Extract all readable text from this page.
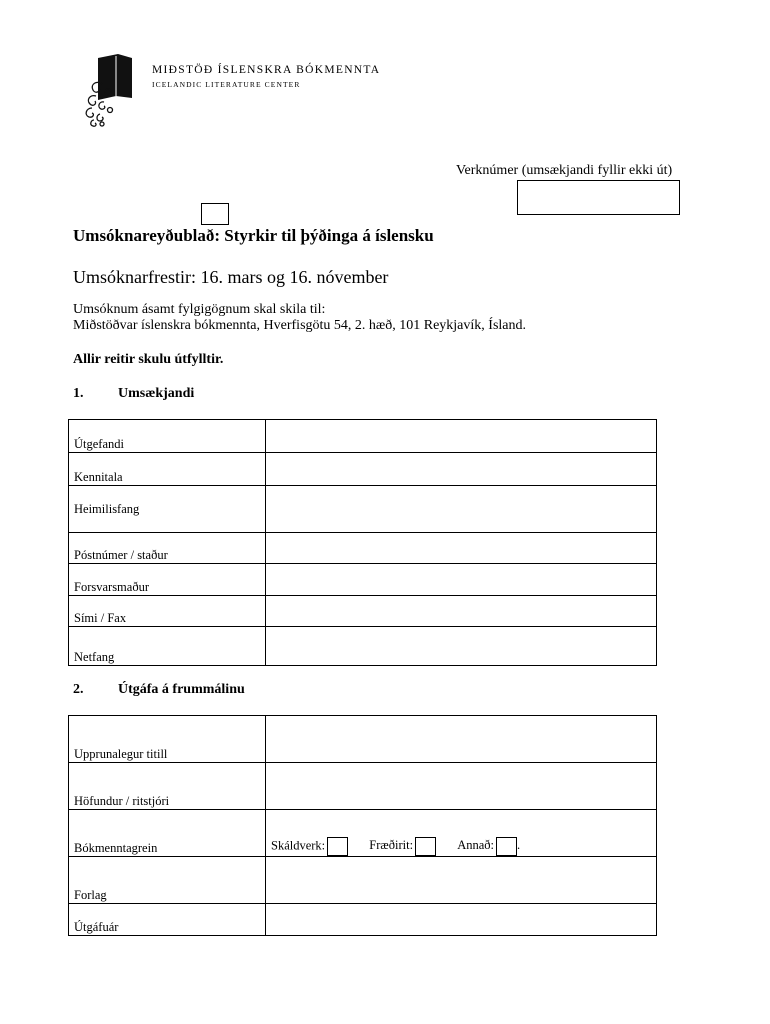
MIÐSTÖÐ ÍSLENSKRA BÓKMENNTA
ICELANDIC LITERATURE CENTER
Verknúmer (umsækjandi fyllir ekki út)
Umsóknareyðublað: Styrkir til þýðinga á íslensku
Umsóknarfrestir: 16. mars og 16. nóvember
Umsóknum ásamt fylgigögnum skal skila til:
Miðstöðvar íslenskra bókmennta, Hverfisgötu 54, 2. hæð, 101 Reykjavík, Ísland.
Allir reitir skulu útfylltir.
1. Umsækjandi
Útgefandi	
Kennitala	
Heimilisfang	
Póstnúmer / staður	
Forsvarsmaður	
Sími / Fax	
Netfang	
2. Útgáfa á frummálinu
Upprunalegur titill	
Höfundur / ritstjóri	
Bókmenntagrein	Skáldverk: Fræðirit: Annað: .
Forlag	
Útgáfuár	
